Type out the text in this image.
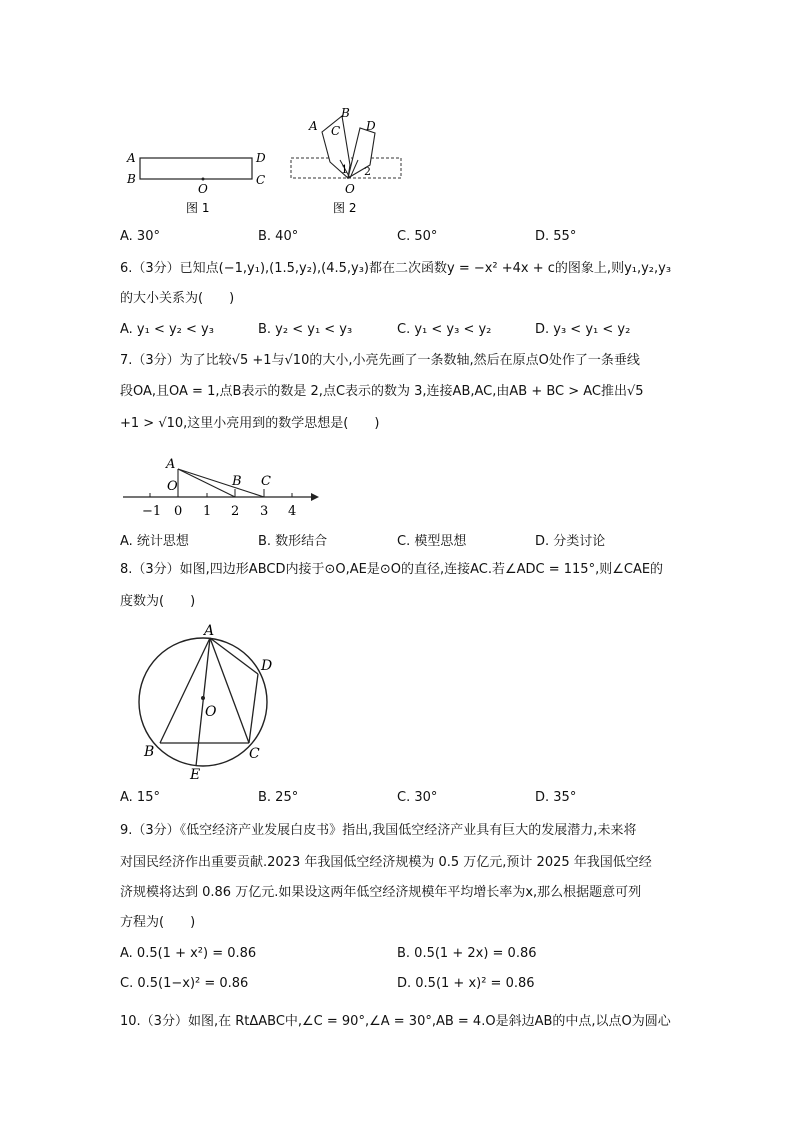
A
B
D
C
O
图 1
A
B
C D
1 2
O
图 2
A. 30°	B. 40°	C. 50°	D. 55°
6.（3分）已知点(−1,y₁),(1.5,y₂),(4.5,y₃)都在二次函数y = −x² +4x + c的图象上,则y₁,y₂,y₃
的大小关系为(　　)
A. y₁ < y₂ < y₃	B. y₂ < y₁ < y₃	C. y₁ < y₃ < y₂	D. y₃ < y₁ < y₂
7.（3分）为了比较√5 +1与√10的大小,小亮先画了一条数轴,然后在原点O处作了一条垂线
段OA,且OA = 1,点B表示的数是 2,点C表示的数为 3,连接AB,AC,由AB + BC > AC推出√5
+1 > √10,这里小亮用到的数学思想是(　　)
A
O	B C
−1 0 1 2 3 4
A. 统计思想	B. 数形结合	C. 模型思想	D. 分类讨论
8.（3分）如图,四边形ABCD内接于⊙O,AE是⊙O的直径,连接AC.若∠ADC = 115°,则∠CAE的
度数为(　　)
A
B	C
D
E
O
A. 15°	B. 25°	C. 30°	D. 35°
9.（3分）《低空经济产业发展白皮书》指出,我国低空经济产业具有巨大的发展潜力,未来将
对国民经济作出重要贡献.2023 年我国低空经济规模为 0.5 万亿元,预计 2025 年我国低空经
济规模将达到 0.86 万亿元.如果设这两年低空经济规模年平均增长率为x,那么根据题意可列
方程为(　　)
A. 0.5(1 + x²) = 0.86	B. 0.5(1 + 2x) = 0.86
C. 0.5(1−x)² = 0.86	D. 0.5(1 + x)² = 0.86
10.（3分）如图,在 RtΔABC中,∠C = 90°,∠A = 30°,AB = 4.O是斜边AB的中点,以点O为圆心
